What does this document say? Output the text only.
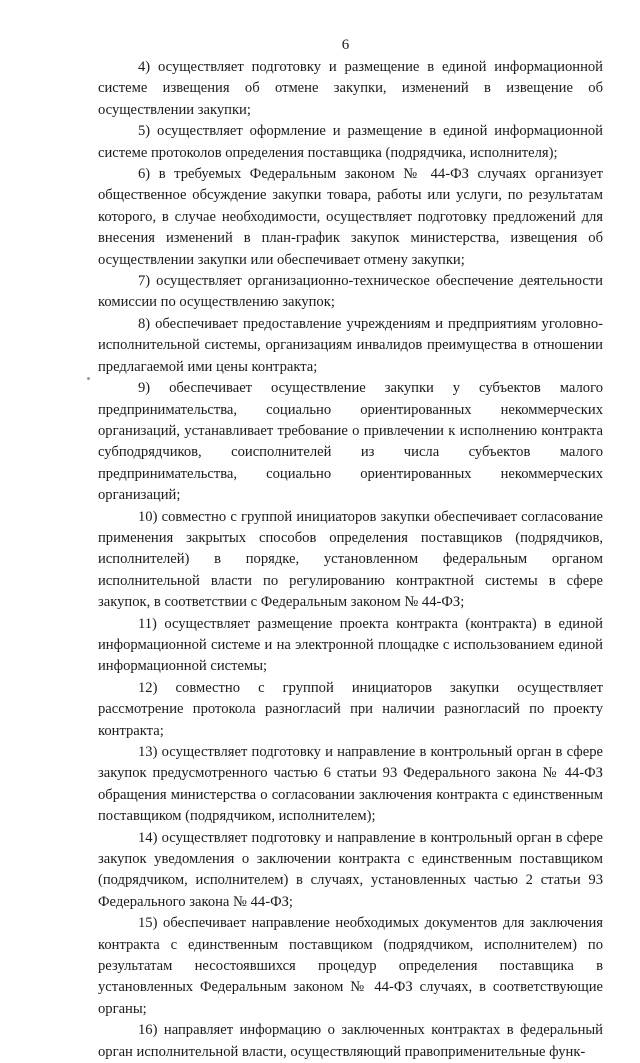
6

4) осуществляет подготовку и размещение в единой информационной системе извещения об отмене закупки, изменений в извещение об осуществлении закупки;

5) осуществляет оформление и размещение в единой информационной системе протоколов определения поставщика (подрядчика, исполнителя);

6) в требуемых Федеральным законом № 44-ФЗ случаях организует общественное обсуждение закупки товара, работы или услуги, по результатам которого, в случае необходимости, осуществляет подготовку предложений для внесения изменений в план-график закупок министерства, извещения об осуществлении закупки или обеспечивает отмену закупки;

7) осуществляет организационно-техническое обеспечение деятельности комиссии по осуществлению закупок;

8) обеспечивает предоставление учреждениям и предприятиям уголовно-исполнительной системы, организациям инвалидов преимущества в отношении предлагаемой ими цены контракта;

9) обеспечивает осуществление закупки у субъектов малого предпринимательства, социально ориентированных некоммерческих организаций, устанавливает требование о привлечении к исполнению контракта субподрядчиков, соисполнителей из числа субъектов малого предпринимательства, социально ориентированных некоммерческих организаций;

10) совместно с группой инициаторов закупки обеспечивает согласование применения закрытых способов определения поставщиков (подрядчиков, исполнителей) в порядке, установленном федеральным органом исполнительной власти по регулированию контрактной системы в сфере закупок, в соответствии с Федеральным законом № 44-ФЗ;

11) осуществляет размещение проекта контракта (контракта) в единой информационной системе и на электронной площадке с использованием единой информационной системы;

12) совместно с группой инициаторов закупки осуществляет рассмотрение протокола разногласий при наличии разногласий по проекту контракта;

13) осуществляет подготовку и направление в контрольный орган в сфере закупок предусмотренного частью 6 статьи 93 Федерального закона № 44-ФЗ обращения министерства о согласовании заключения контракта с единственным поставщиком (подрядчиком, исполнителем);

14) осуществляет подготовку и направление в контрольный орган в сфере закупок уведомления о заключении контракта с единственным поставщиком (подрядчиком, исполнителем) в случаях, установленных частью 2 статьи 93 Федерального закона № 44-ФЗ;

15) обеспечивает направление необходимых документов для заключения контракта с единственным поставщиком (подрядчиком, исполнителем) по результатам несостоявшихся процедур определения поставщика в установленных Федеральным законом № 44-ФЗ случаях, в соответствующие органы;

16) направляет информацию о заключенных контрактах в федеральный орган исполнительной власти, осуществляющий правоприменительные функ-
